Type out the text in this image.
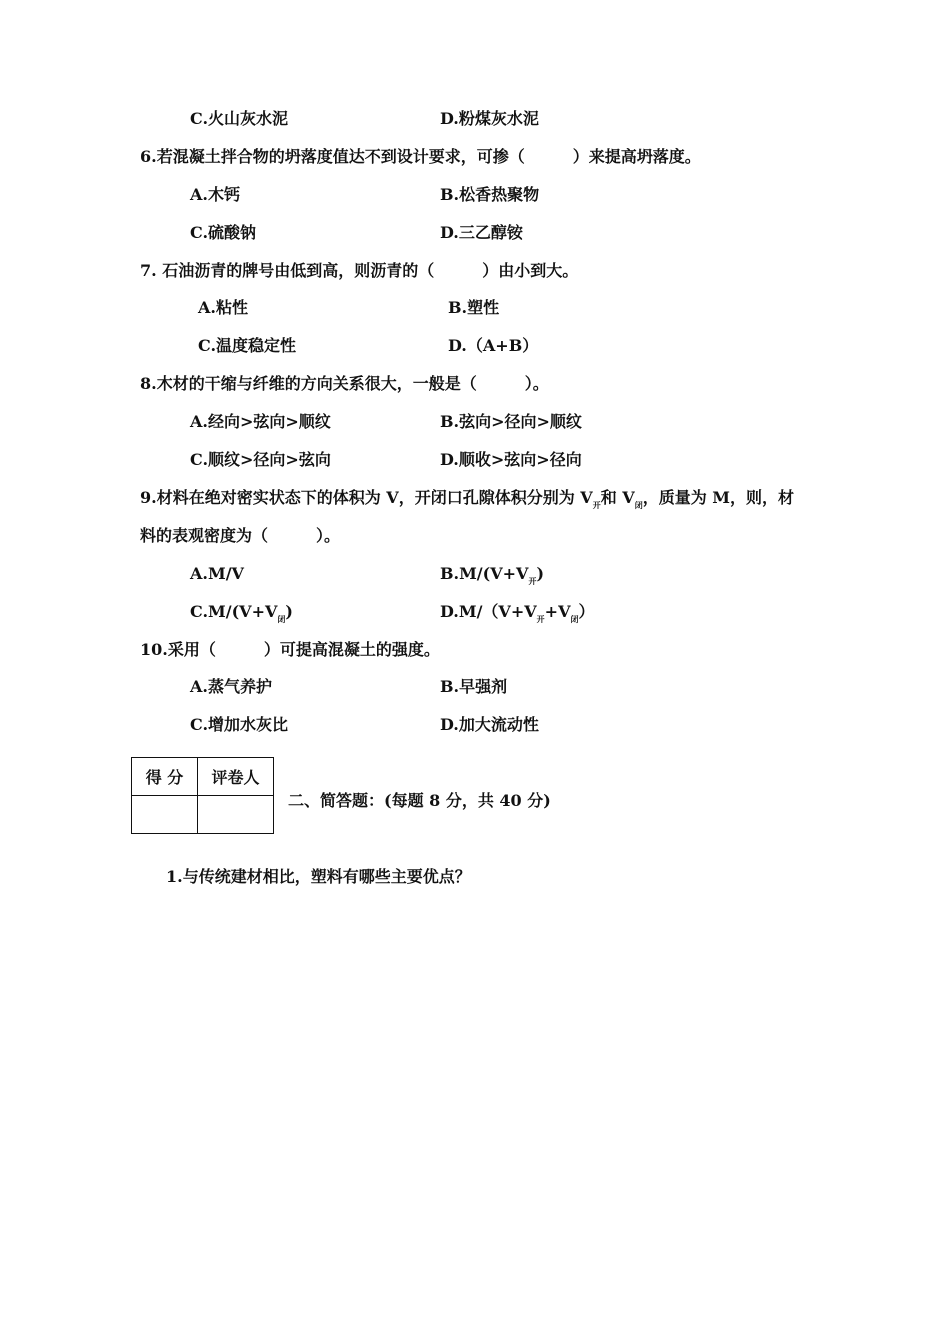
C.火山灰水泥	D.粉煤灰水泥
6.若混凝土拌合物的坍落度值达不到设计要求，可掺（　　　）来提高坍落度。
A.木钙	B.松香热聚物
C.硫酸钠	D.三乙醇铵
7. 石油沥青的牌号由低到高，则沥青的（　　　）由小到大。
A.粘性	B.塑性
C.温度稳定性	D.（A+B）
8.木材的干缩与纤维的方向关系很大，一般是（　　　）。
A.经向>弦向>顺纹	B.弦向>径向>顺纹
C.顺纹>径向>弦向	D.顺收>弦向>径向
9.材料在绝对密实状态下的体积为 V，开闭口孔隙体积分别为 $V_开$和 $V_闭$，质量为 M，则，材
料的表观密度为（　　　）。
A.M/V	$B.M/(V+V_开)$
$C.M/(V+V_闭)$	$D.M/(V+V_开+V_闭)$
10.采用（　　　）可提高混凝土的强度。
A.蒸气养护	B.早强剂
C.增加水灰比	D.加大流动性
得 分	评卷人

二、简答题：(每题 8 分，共 40 分)
1.与传统建材相比，塑料有哪些主要优点？
